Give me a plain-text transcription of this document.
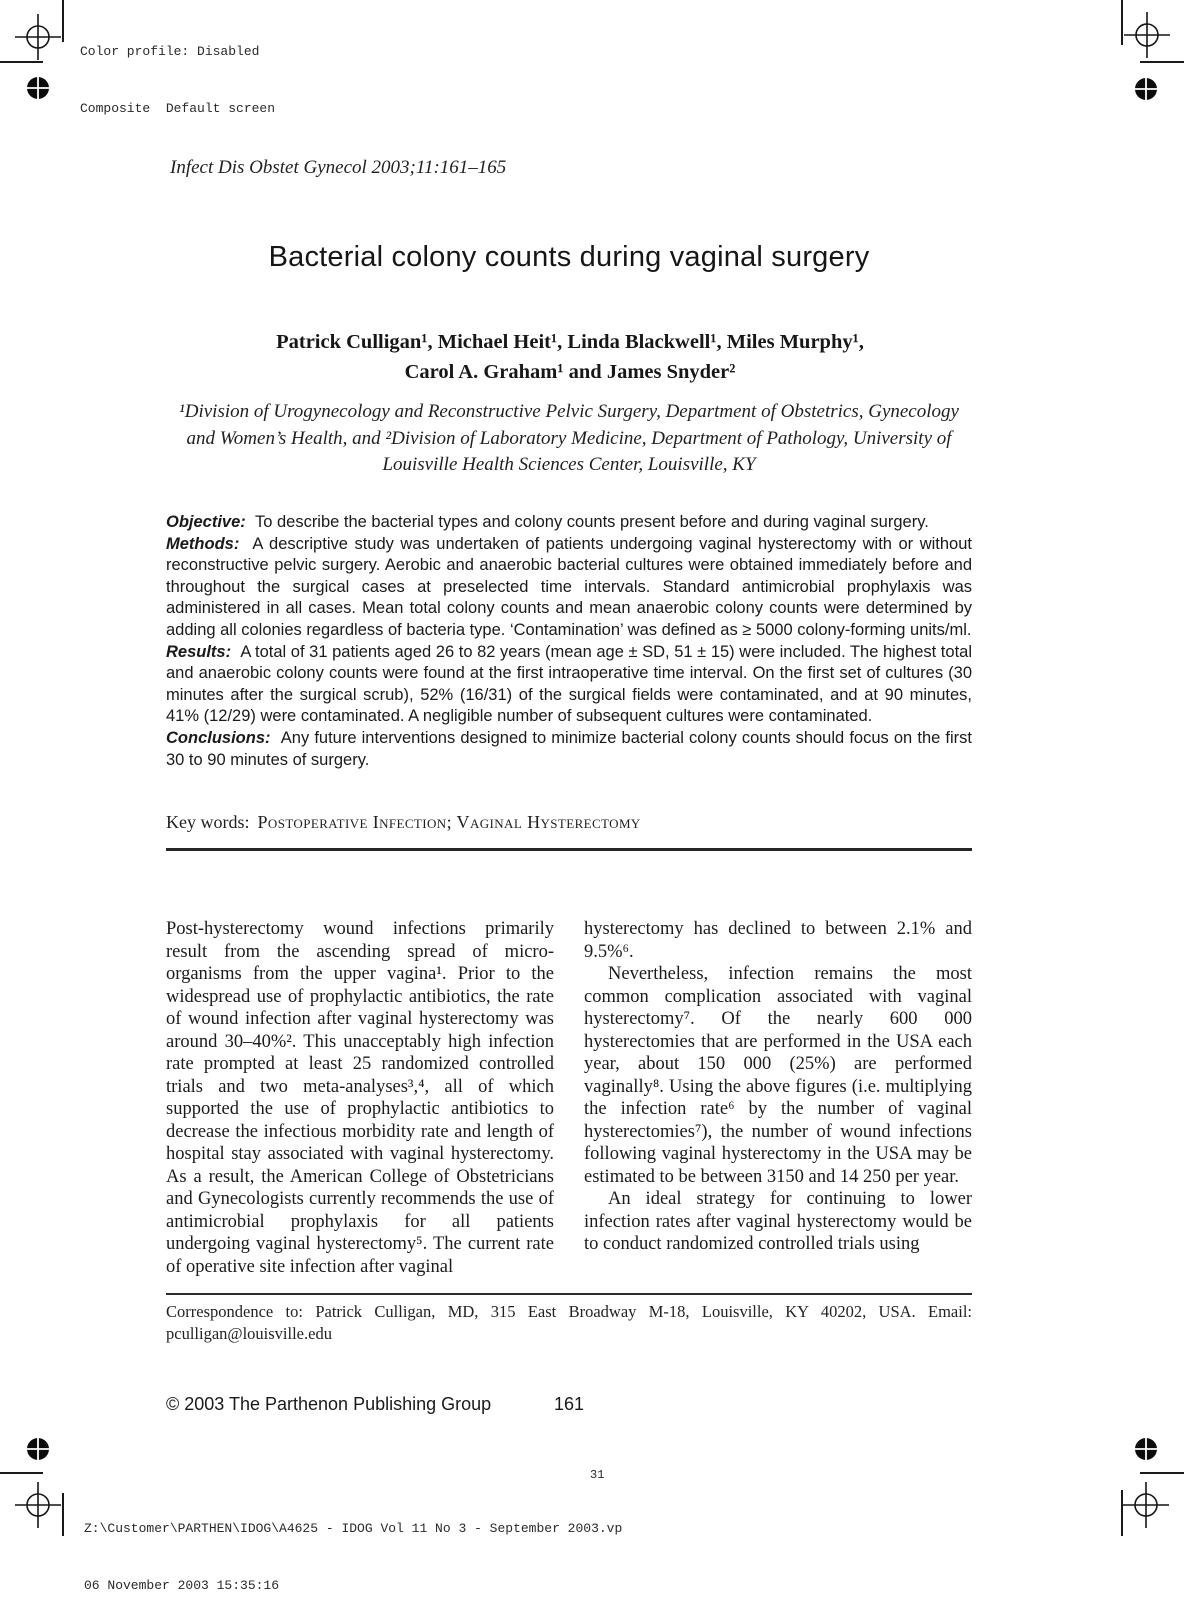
Color profile: Disabled

Composite  Default screen

Infect Dis Obstet Gynecol 2003;11:161–165
Bacterial colony counts during vaginal surgery
Patrick Culligan¹, Michael Heit¹, Linda Blackwell¹, Miles Murphy¹,
Carol A. Graham¹ and James Snyder²
¹Division of Urogynecology and Reconstructive Pelvic Surgery, Department of Obstetrics, Gynecology and Women’s Health, and ²Division of Laboratory Medicine, Department of Pathology, University of Louisville Health Sciences Center, Louisville, KY

Objective: To describe the bacterial types and colony counts present before and during vaginal surgery.

Methods: A descriptive study was undertaken of patients undergoing vaginal hysterectomy with or without reconstructive pelvic surgery. Aerobic and anaerobic bacterial cultures were obtained immediately before and throughout the surgical cases at preselected time intervals. Standard antimicrobial prophylaxis was administered in all cases. Mean total colony counts and mean anaerobic colony counts were determined by adding all colonies regardless of bacteria type. ‘Contamination’ was defined as ≥ 5000 colony-forming units/ml.

Results: A total of 31 patients aged 26 to 82 years (mean age ± SD, 51 ± 15) were included. The highest total and anaerobic colony counts were found at the first intraoperative time interval. On the first set of cultures (30 minutes after the surgical scrub), 52% (16/31) of the surgical fields were contaminated, and at 90 minutes, 41% (12/29) were contaminated. A negligible number of subsequent cultures were contaminated.

Conclusions: Any future interventions designed to minimize bacterial colony counts should focus on the first 30 to 90 minutes of surgery.

Key words: Postoperative Infection; Vaginal Hysterectomy

Post-hysterectomy wound infections primarily result from the ascending spread of micro-organisms from the upper vagina¹. Prior to the widespread use of prophylactic antibiotics, the rate of wound infection after vaginal hysterectomy was around 30–40%². This unacceptably high infection rate prompted at least 25 randomized controlled trials and two meta-analyses³,⁴, all of which supported the use of prophylactic antibiotics to decrease the infectious morbidity rate and length of hospital stay associated with vaginal hysterectomy. As a result, the American College of Obstetricians and Gynecologists currently recommends the use of antimicrobial prophylaxis for all patients undergoing vaginal hysterectomy⁵. The current rate of operative site infection after vaginal

hysterectomy has declined to between 2.1% and 9.5%⁶.

Nevertheless, infection remains the most common complication associated with vaginal hysterectomy⁷. Of the nearly 600 000 hysterectomies that are performed in the USA each year, about 150 000 (25%) are performed vaginally⁸. Using the above figures (i.e. multiplying the infection rate⁶ by the number of vaginal hysterectomies⁷), the number of wound infections following vaginal hysterectomy in the USA may be estimated to be between 3150 and 14 250 per year.

An ideal strategy for continuing to lower infection rates after vaginal hysterectomy would be to conduct randomized controlled trials using

Correspondence to: Patrick Culligan, MD, 315 East Broadway M-18, Louisville, KY 40202, USA. Email: pculligan@louisville.edu
© 2003 The Parthenon Publishing Group	161
31

Z:\Customer\PARTHEN\IDOG\A4625 - IDOG Vol 11 No 3 - September 2003.vp

06 November 2003 15:35:16
